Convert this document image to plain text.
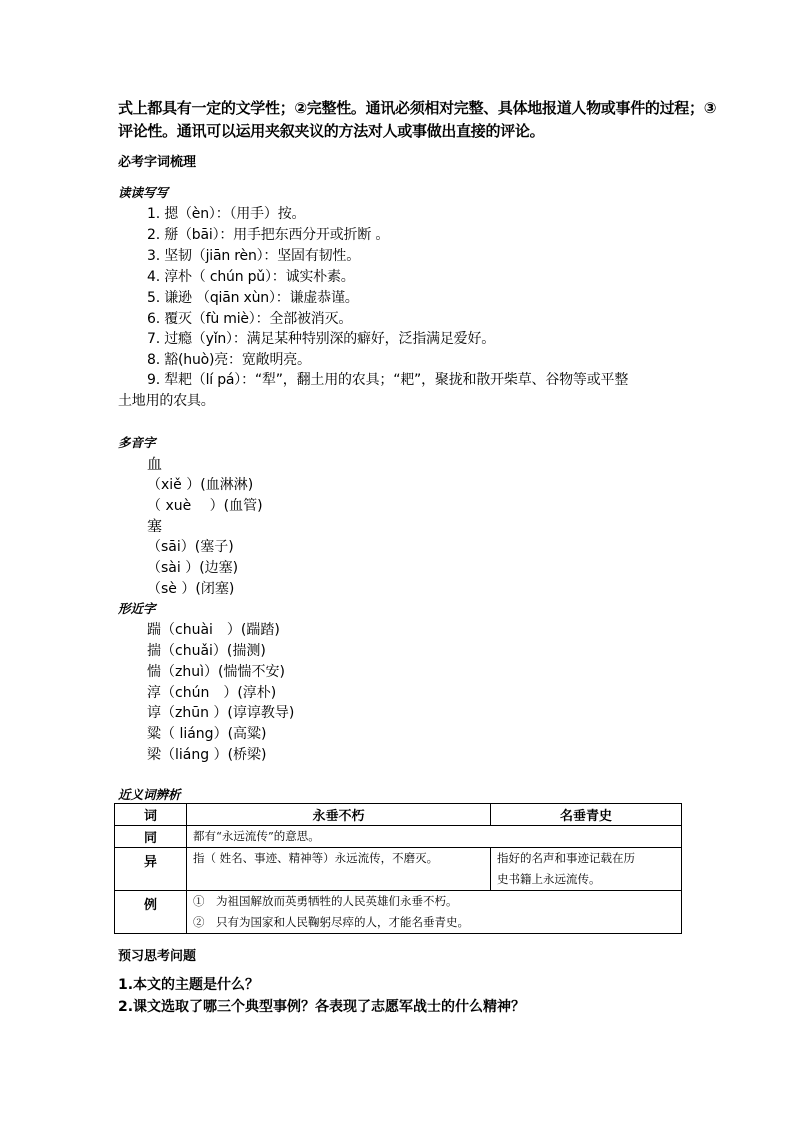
式上都具有一定的文学性；②完整性。通讯必须相对完整、具体地报道人物或事件的过程；③
评论性。通讯可以运用夹叙夹议的方法对人或事做出直接的评论。
必考字词梳理
读读写写
1. 摁（èn）：（用手）按。
2. 掰（bāi）：用手把东西分开或折断 。
3. 坚韧（jiān rèn）：坚固有韧性。
4. 淳朴（ chún pǔ）：诚实朴素。
5. 谦逊 （qiān xùn）：谦虚恭谨。
6. 覆灭（fù miè）：全部被消灭。
7. 过瘾（yǐn）：满足某种特别深的癖好，泛指满足爱好。
8. 豁(huò)亮：宽敞明亮。
9. 犁耙（lí pá）：“犁”，翻土用的农具；“耙”，聚拢和散开柴草、谷物等或平整
土地用的农具。
多音字
血
（xiě ）(血淋淋)
（ xuè　 ）(血管)
塞
（sāi）(塞子)
（sài ）(边塞)
（sè ）(闭塞)
形近字
踹（chuài　）(踹踏)
揣（chuǎi）(揣测)
惴（zhuì）(惴惴不安)
淳（chún　）(淳朴)
谆（zhūn ）(谆谆教导)
粱（ liáng）(高粱)
梁（liáng ）(桥梁)
近义词辨析
词	永垂不朽	名垂青史
同	都有“永远流传”的意思。	
异	指（ 姓名、事迹、精神等）永远流传，不磨灭。	指好的名声和事迹记载在历
史书籍上永远流传。

例	①　为祖国解放而英勇牺牲的人民英雄们永垂不朽。
②　只有为国家和人民鞠躬尽瘁的人，才能名垂青史。	
预习思考问题
1.本文的主题是什么？
2.课文选取了哪三个典型事例？各表现了志愿军战士的什么精神？
